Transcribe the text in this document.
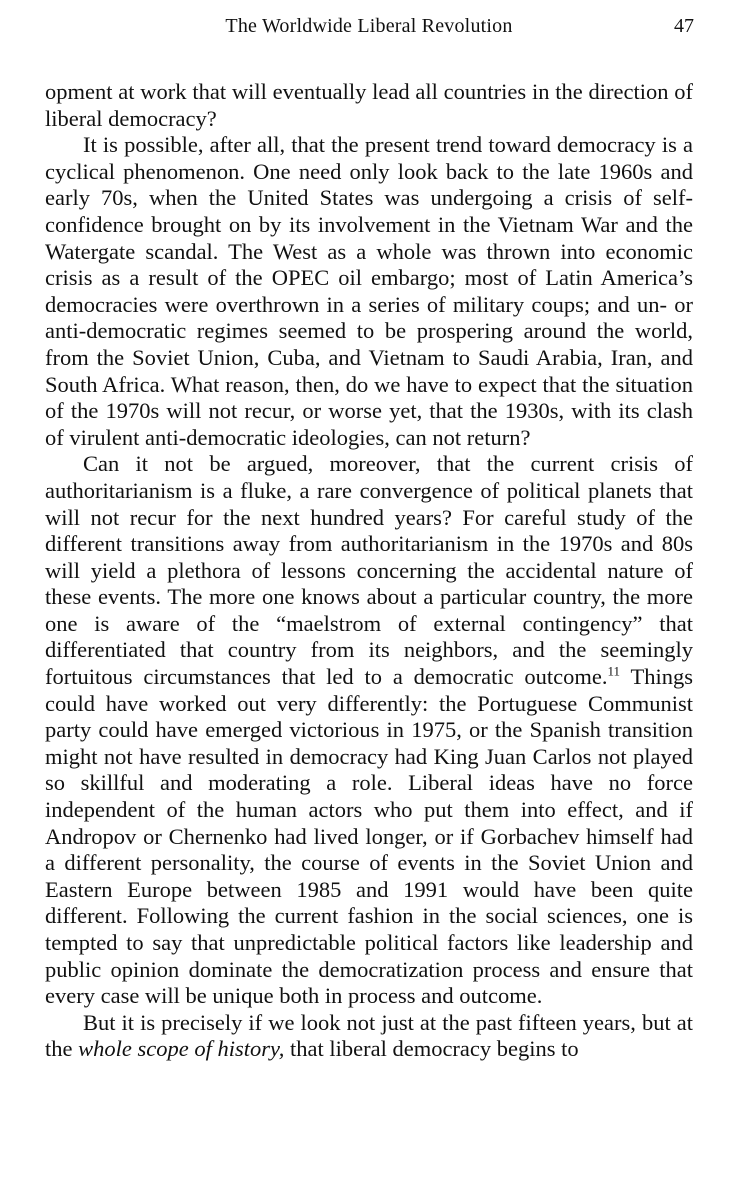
The Worldwide Liberal Revolution	47

opment at work that will eventually lead all countries in the direction of liberal democracy?

It is possible, after all, that the present trend toward democracy is a cyclical phenomenon. One need only look back to the late 1960s and early 70s, when the United States was undergoing a crisis of self-confidence brought on by its involvement in the Vietnam War and the Watergate scandal. The West as a whole was thrown into economic crisis as a result of the OPEC oil embargo; most of Latin America’s democracies were overthrown in a series of military coups; and un- or anti-democratic regimes seemed to be prospering around the world, from the Soviet Union, Cuba, and Vietnam to Saudi Arabia, Iran, and South Africa. What reason, then, do we have to expect that the situation of the 1970s will not recur, or worse yet, that the 1930s, with its clash of virulent anti-democratic ideologies, can not return?

Can it not be argued, moreover, that the current crisis of authoritarianism is a fluke, a rare convergence of political planets that will not recur for the next hundred years? For careful study of the different transitions away from authoritarianism in the 1970s and 80s will yield a plethora of lessons concerning the accidental nature of these events. The more one knows about a particular country, the more one is aware of the “maelstrom of external contingency” that differentiated that country from its neighbors, and the seemingly fortuitous circumstances that led to a democratic outcome.$^{11}$ Things could have worked out very differently: the Portuguese Communist party could have emerged victorious in 1975, or the Spanish transition might not have resulted in democracy had King Juan Carlos not played so skillful and moderating a role. Liberal ideas have no force independent of the human actors who put them into effect, and if Andropov or Chernenko had lived longer, or if Gorbachev himself had a different personality, the course of events in the Soviet Union and Eastern Europe between 1985 and 1991 would have been quite different. Following the current fashion in the social sciences, one is tempted to say that unpredictable political factors like leadership and public opinion dominate the democratization process and ensure that every case will be unique both in process and outcome.

But it is precisely if we look not just at the past fifteen years, but at the whole scope of history, that liberal democracy begins to
